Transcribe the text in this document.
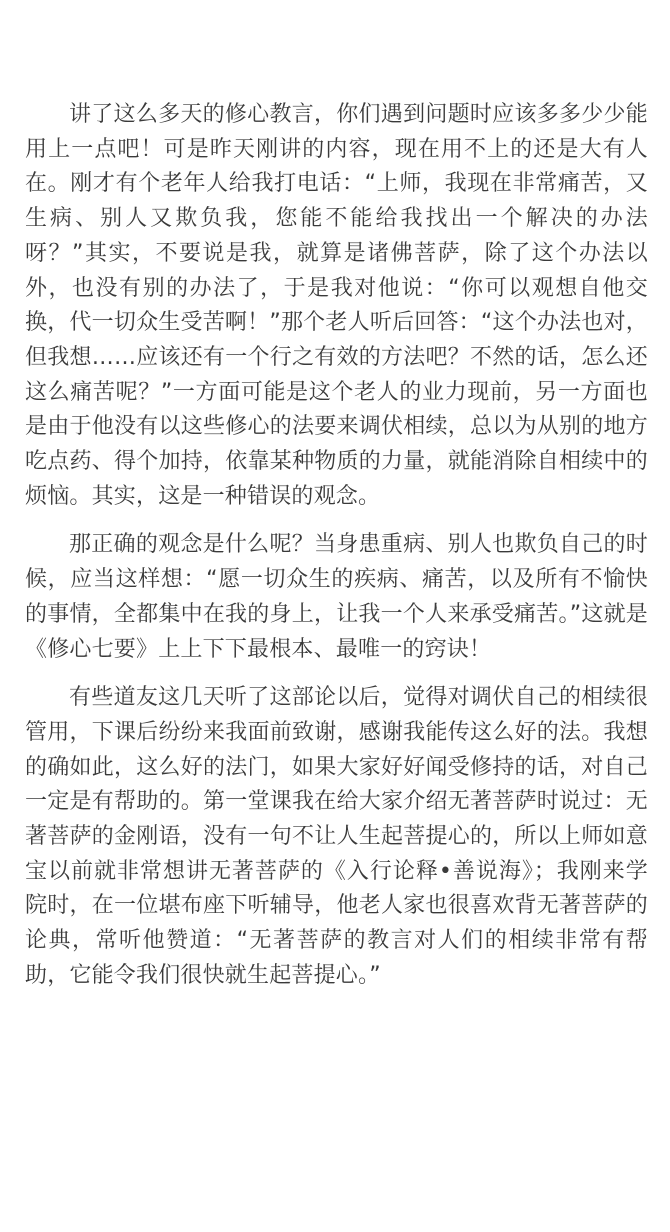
讲了这么多天的修心教言，你们遇到问题时应该多多少少能用上一点吧！可是昨天刚讲的内容，现在用不上的还是大有人在。刚才有个老年人给我打电话：“上师，我现在非常痛苦，又生病、别人又欺负我，您能不能给我找出一个解决的办法呀？”其实，不要说是我，就算是诸佛菩萨，除了这个办法以外，也没有别的办法了，于是我对他说：“你可以观想自他交换，代一切众生受苦啊！”那个老人听后回答：“这个办法也对，但我想……应该还有一个行之有效的方法吧？不然的话，怎么还这么痛苦呢？”一方面可能是这个老人的业力现前，另一方面也是由于他没有以这些修心的法要来调伏相续，总以为从别的地方吃点药、得个加持，依靠某种物质的力量，就能消除自相续中的烦恼。其实，这是一种错误的观念。

那正确的观念是什么呢？当身患重病、别人也欺负自己的时候，应当这样想：“愿一切众生的疾病、痛苦，以及所有不愉快的事情，全都集中在我的身上，让我一个人来承受痛苦。”这就是《修心七要》上上下下最根本、最唯一的窍诀！

有些道友这几天听了这部论以后，觉得对调伏自己的相续很管用，下课后纷纷来我面前致谢，感谢我能传这么好的法。我想的确如此，这么好的法门，如果大家好好闻受修持的话，对自己一定是有帮助的。第一堂课我在给大家介绍无著菩萨时说过：无著菩萨的金刚语，没有一句不让人生起菩提心的，所以上师如意宝以前就非常想讲无著菩萨的《入行论释•善说海》；我刚来学院时，在一位堪布座下听辅导，他老人家也很喜欢背无著菩萨的论典，常听他赞道：“无著菩萨的教言对人们的相续非常有帮助，它能令我们很快就生起菩提心。”
